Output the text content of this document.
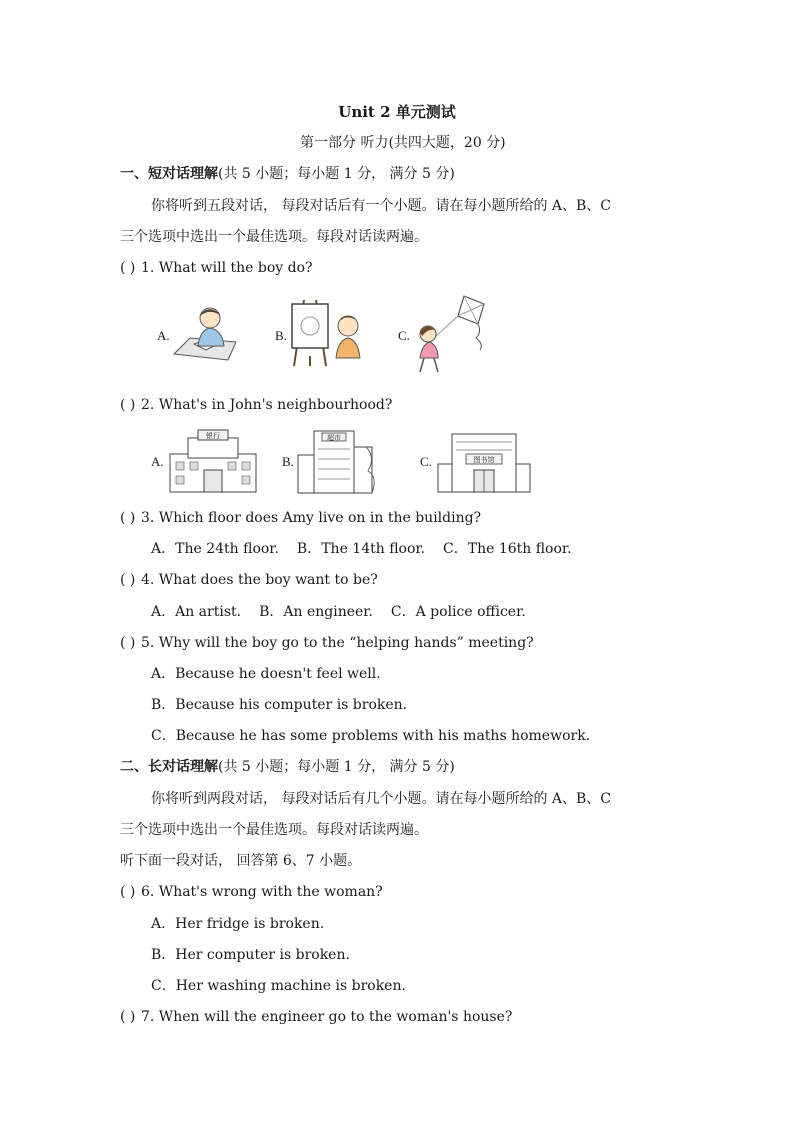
Unit 2 单元测试
第一部分 听力(共四大题，20 分)
一、短对话理解(共 5 小题；每小题 1 分， 满分 5 分)
你将听到五段对话， 每段对话后有一个小题。请在每小题所给的 A、B、C
三个选项中选出一个最佳选项。每段对话读两遍。
( ) 1. What will the boy do?
A.	B.	C.
( ) 2. What's in John's neighbourhood?
A.
银行
B.
超市
C.	图书馆
( ) 3. Which floor does Amy live on in the building?
A．The 24th floor. B．The 14th floor. C．The 16th floor.
( ) 4. What does the boy want to be?
A．An artist. B．An engineer. C．A police officer.
( ) 5. Why will the boy go to the “helping hands” meeting?
A．Because he doesn't feel well.
B．Because his computer is broken.
C．Because he has some problems with his maths homework.
二、长对话理解(共 5 小题；每小题 1 分， 满分 5 分)
你将听到两段对话， 每段对话后有几个小题。请在每小题所给的 A、B、C
三个选项中选出一个最佳选项。每段对话读两遍。
听下面一段对话， 回答第 6、7 小题。
( ) 6. What's wrong with the woman?
A．Her fridge is broken.
B．Her computer is broken.
C．Her washing machine is broken.
( ) 7. When will the engineer go to the woman's house?
